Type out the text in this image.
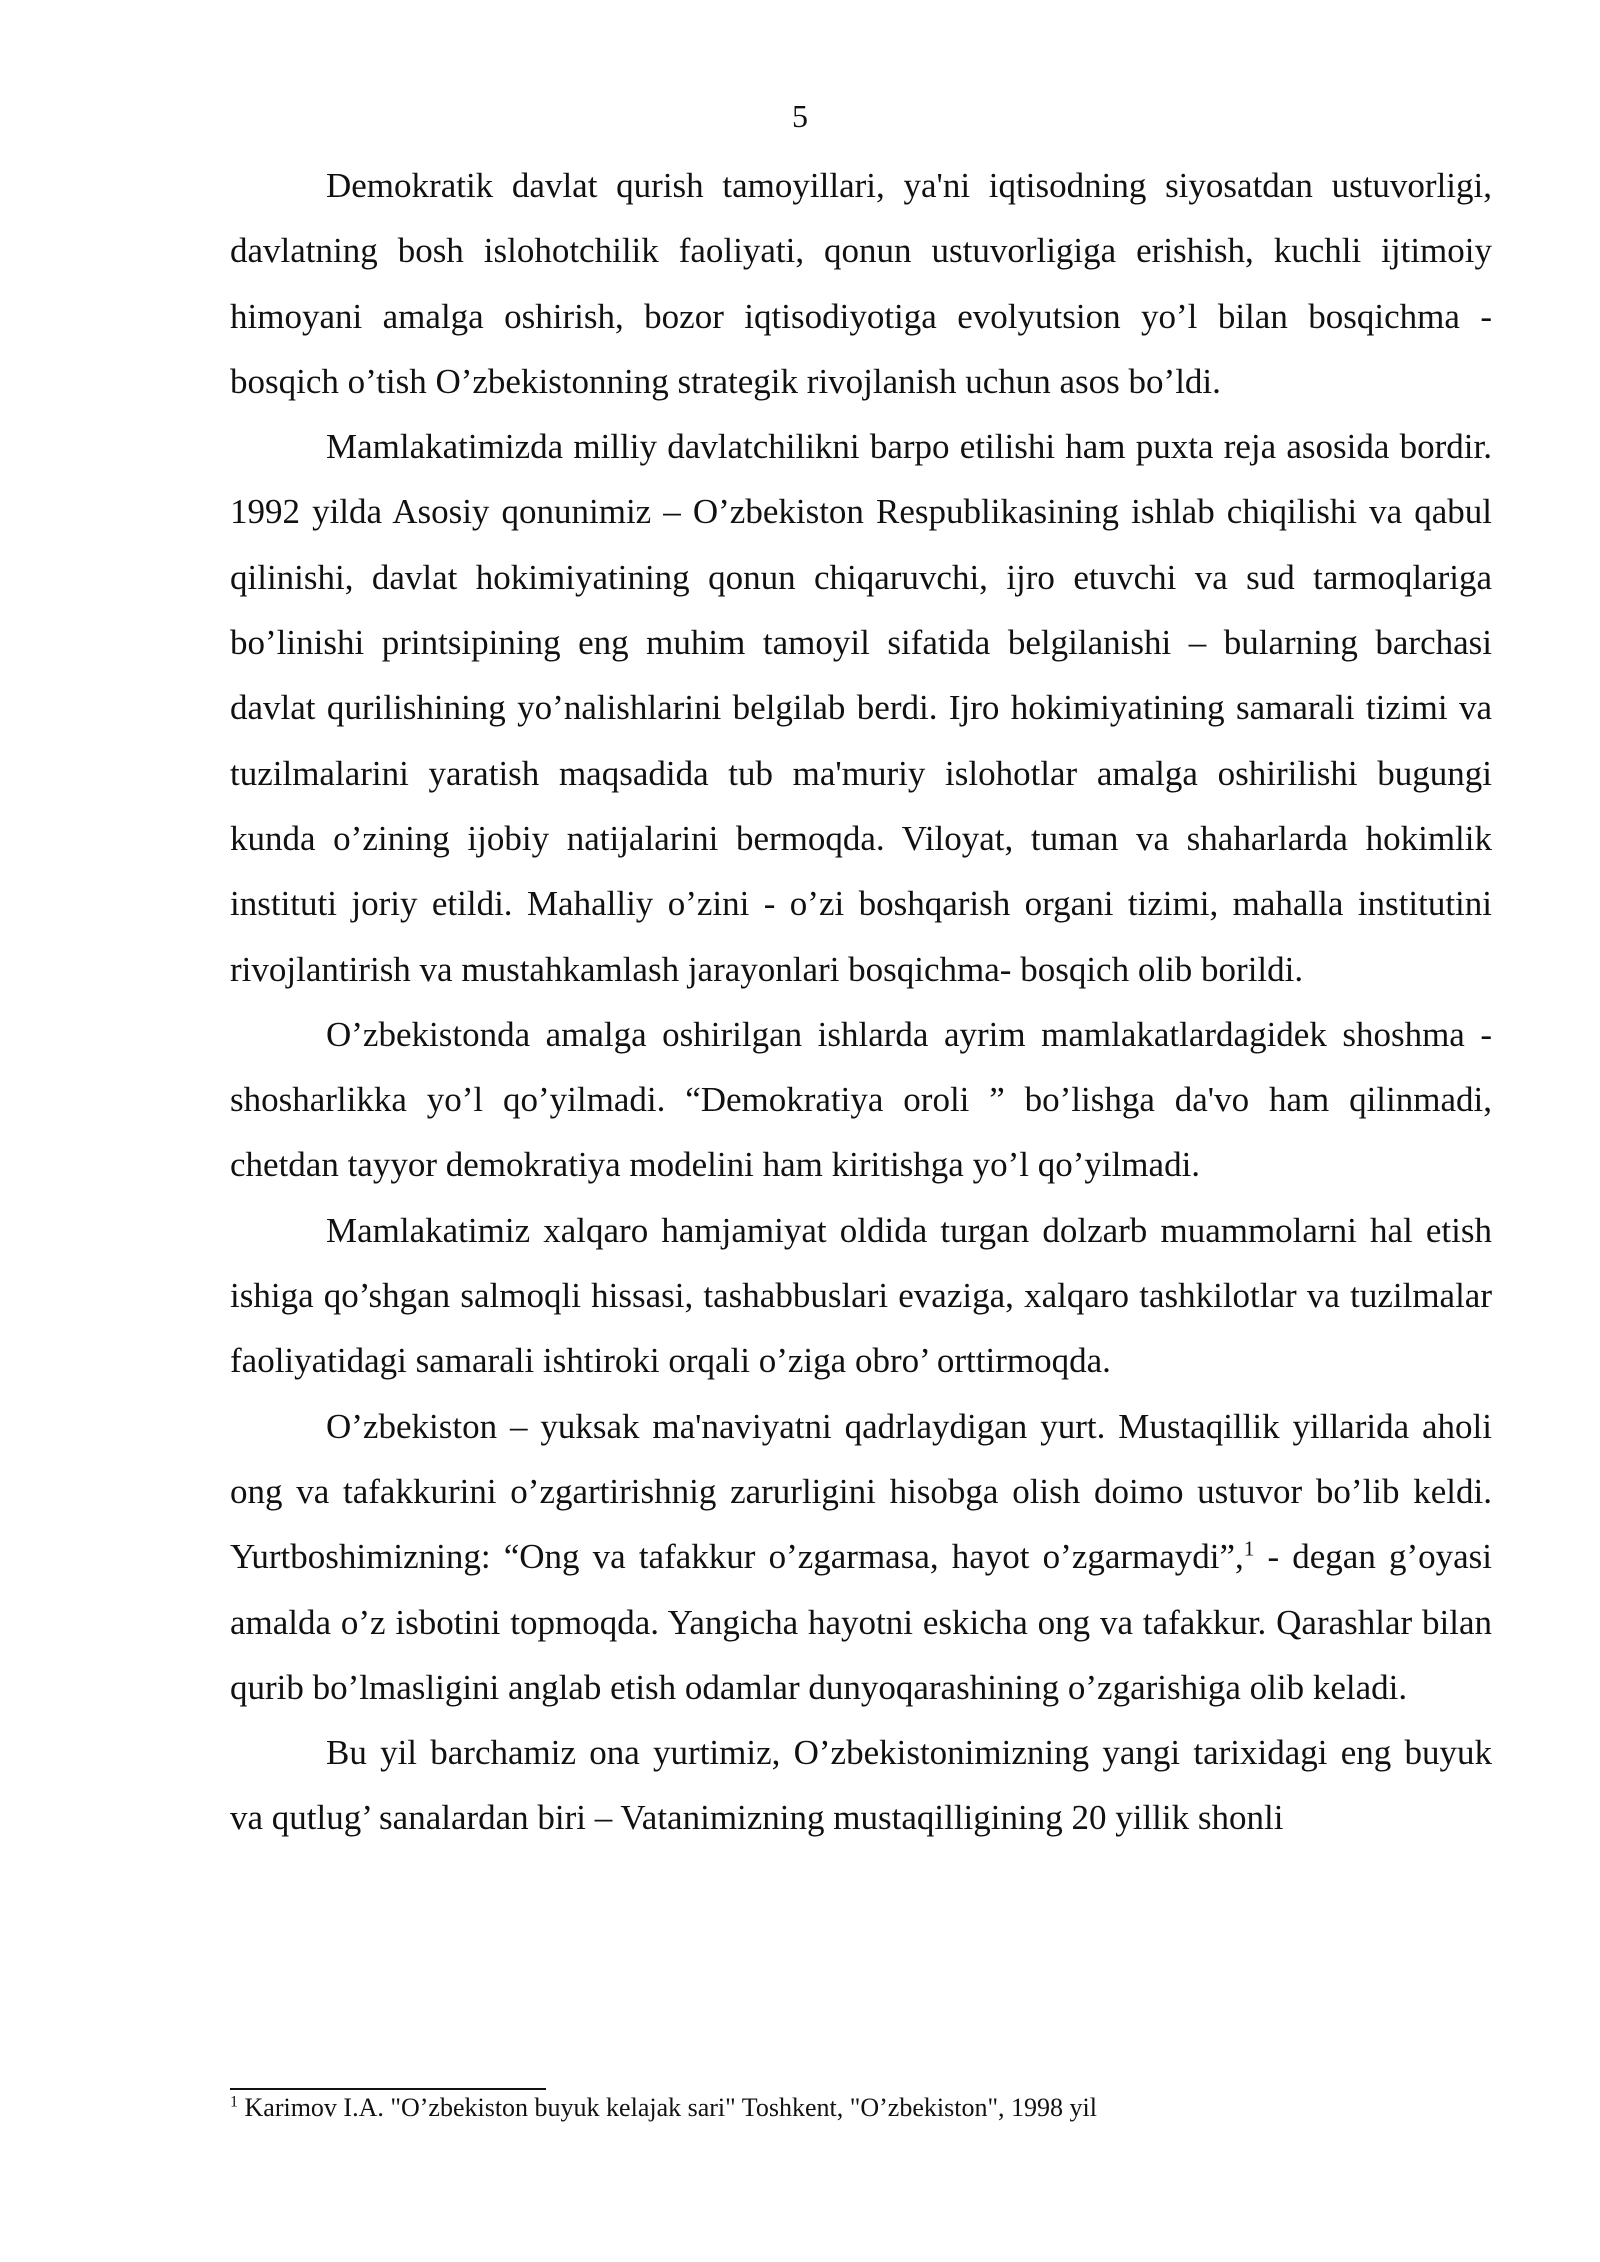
5

Demokratik davlat qurish tamoyillari, ya'ni iqtisodning siyosatdan ustuvorligi, davlatning bosh islohotchilik faoliyati, qonun ustuvorligiga erishish, kuchli ijtimoiy himoyani amalga oshirish, bozor iqtisodiyotiga evolyutsion yo’l bilan bosqichma - bosqich o’tish O’zbekistonning strategik rivojlanish uchun asos bo’ldi.

Mamlakatimizda milliy davlatchilikni barpo etilishi ham puxta reja asosida bordir. 1992 yilda Asosiy qonunimiz – O’zbekiston Respublikasining ishlab chiqilishi va qabul qilinishi, davlat hokimiyatining qonun chiqaruvchi, ijro etuvchi va sud tarmoqlariga bo’linishi printsipining eng muhim tamoyil sifatida belgilanishi – bularning barchasi davlat qurilishining yo’nalishlarini belgilab berdi. Ijro hokimiyatining samarali tizimi va tuzilmalarini yaratish maqsadida tub ma'muriy islohotlar amalga oshirilishi bugungi kunda o’zining ijobiy natijalarini bermoqda. Viloyat, tuman va shaharlarda hokimlik instituti joriy etildi. Mahalliy o’zini - o’zi boshqarish organi tizimi, mahalla institutini rivojlantirish va mustahkamlash jarayonlari bosqichma- bosqich olib borildi.

O’zbekistonda amalga oshirilgan ishlarda ayrim mamlakatlardagidek shoshma - shosharlikka yo’l qo’yilmadi. “Demokratiya oroli ” bo’lishga da'vo ham qilinmadi, chetdan tayyor demokratiya modelini ham kiritishga yo’l qo’yilmadi.

Mamlakatimiz xalqaro hamjamiyat oldida turgan dolzarb muammolarni hal etish ishiga qo’shgan salmoqli hissasi, tashabbuslari evaziga, xalqaro tashkilotlar va tuzilmalar faoliyatidagi samarali ishtiroki orqali o’ziga obro’ orttirmoqda.

O’zbekiston – yuksak ma'naviyatni qadrlaydigan yurt. Mustaqillik yillarida aholi ong va tafakkurini o’zgartirishnig zarurligini hisobga olish doimo ustuvor bo’lib keldi. Yurtboshimizning: “Ong va tafakkur o’zgarmasa, hayot o’zgarmaydi”,$^1$ - degan g’oyasi amalda o’z isbotini topmoqda. Yangicha hayotni eskicha ong va tafakkur. Qarashlar bilan qurib bo’lmasligini anglab etish odamlar dunyoqarashining o’zgarishiga olib keladi.

Bu yil barchamiz ona yurtimiz, O’zbekistonimizning yangi tarixidagi eng buyuk va qutlug’ sanalardan biri – Vatanimizning mustaqilligining 20 yillik shonli

$^1$ Karimov I.A. "O’zbekiston buyuk kelajak sari" Toshkent, "O’zbekiston", 1998 yil
